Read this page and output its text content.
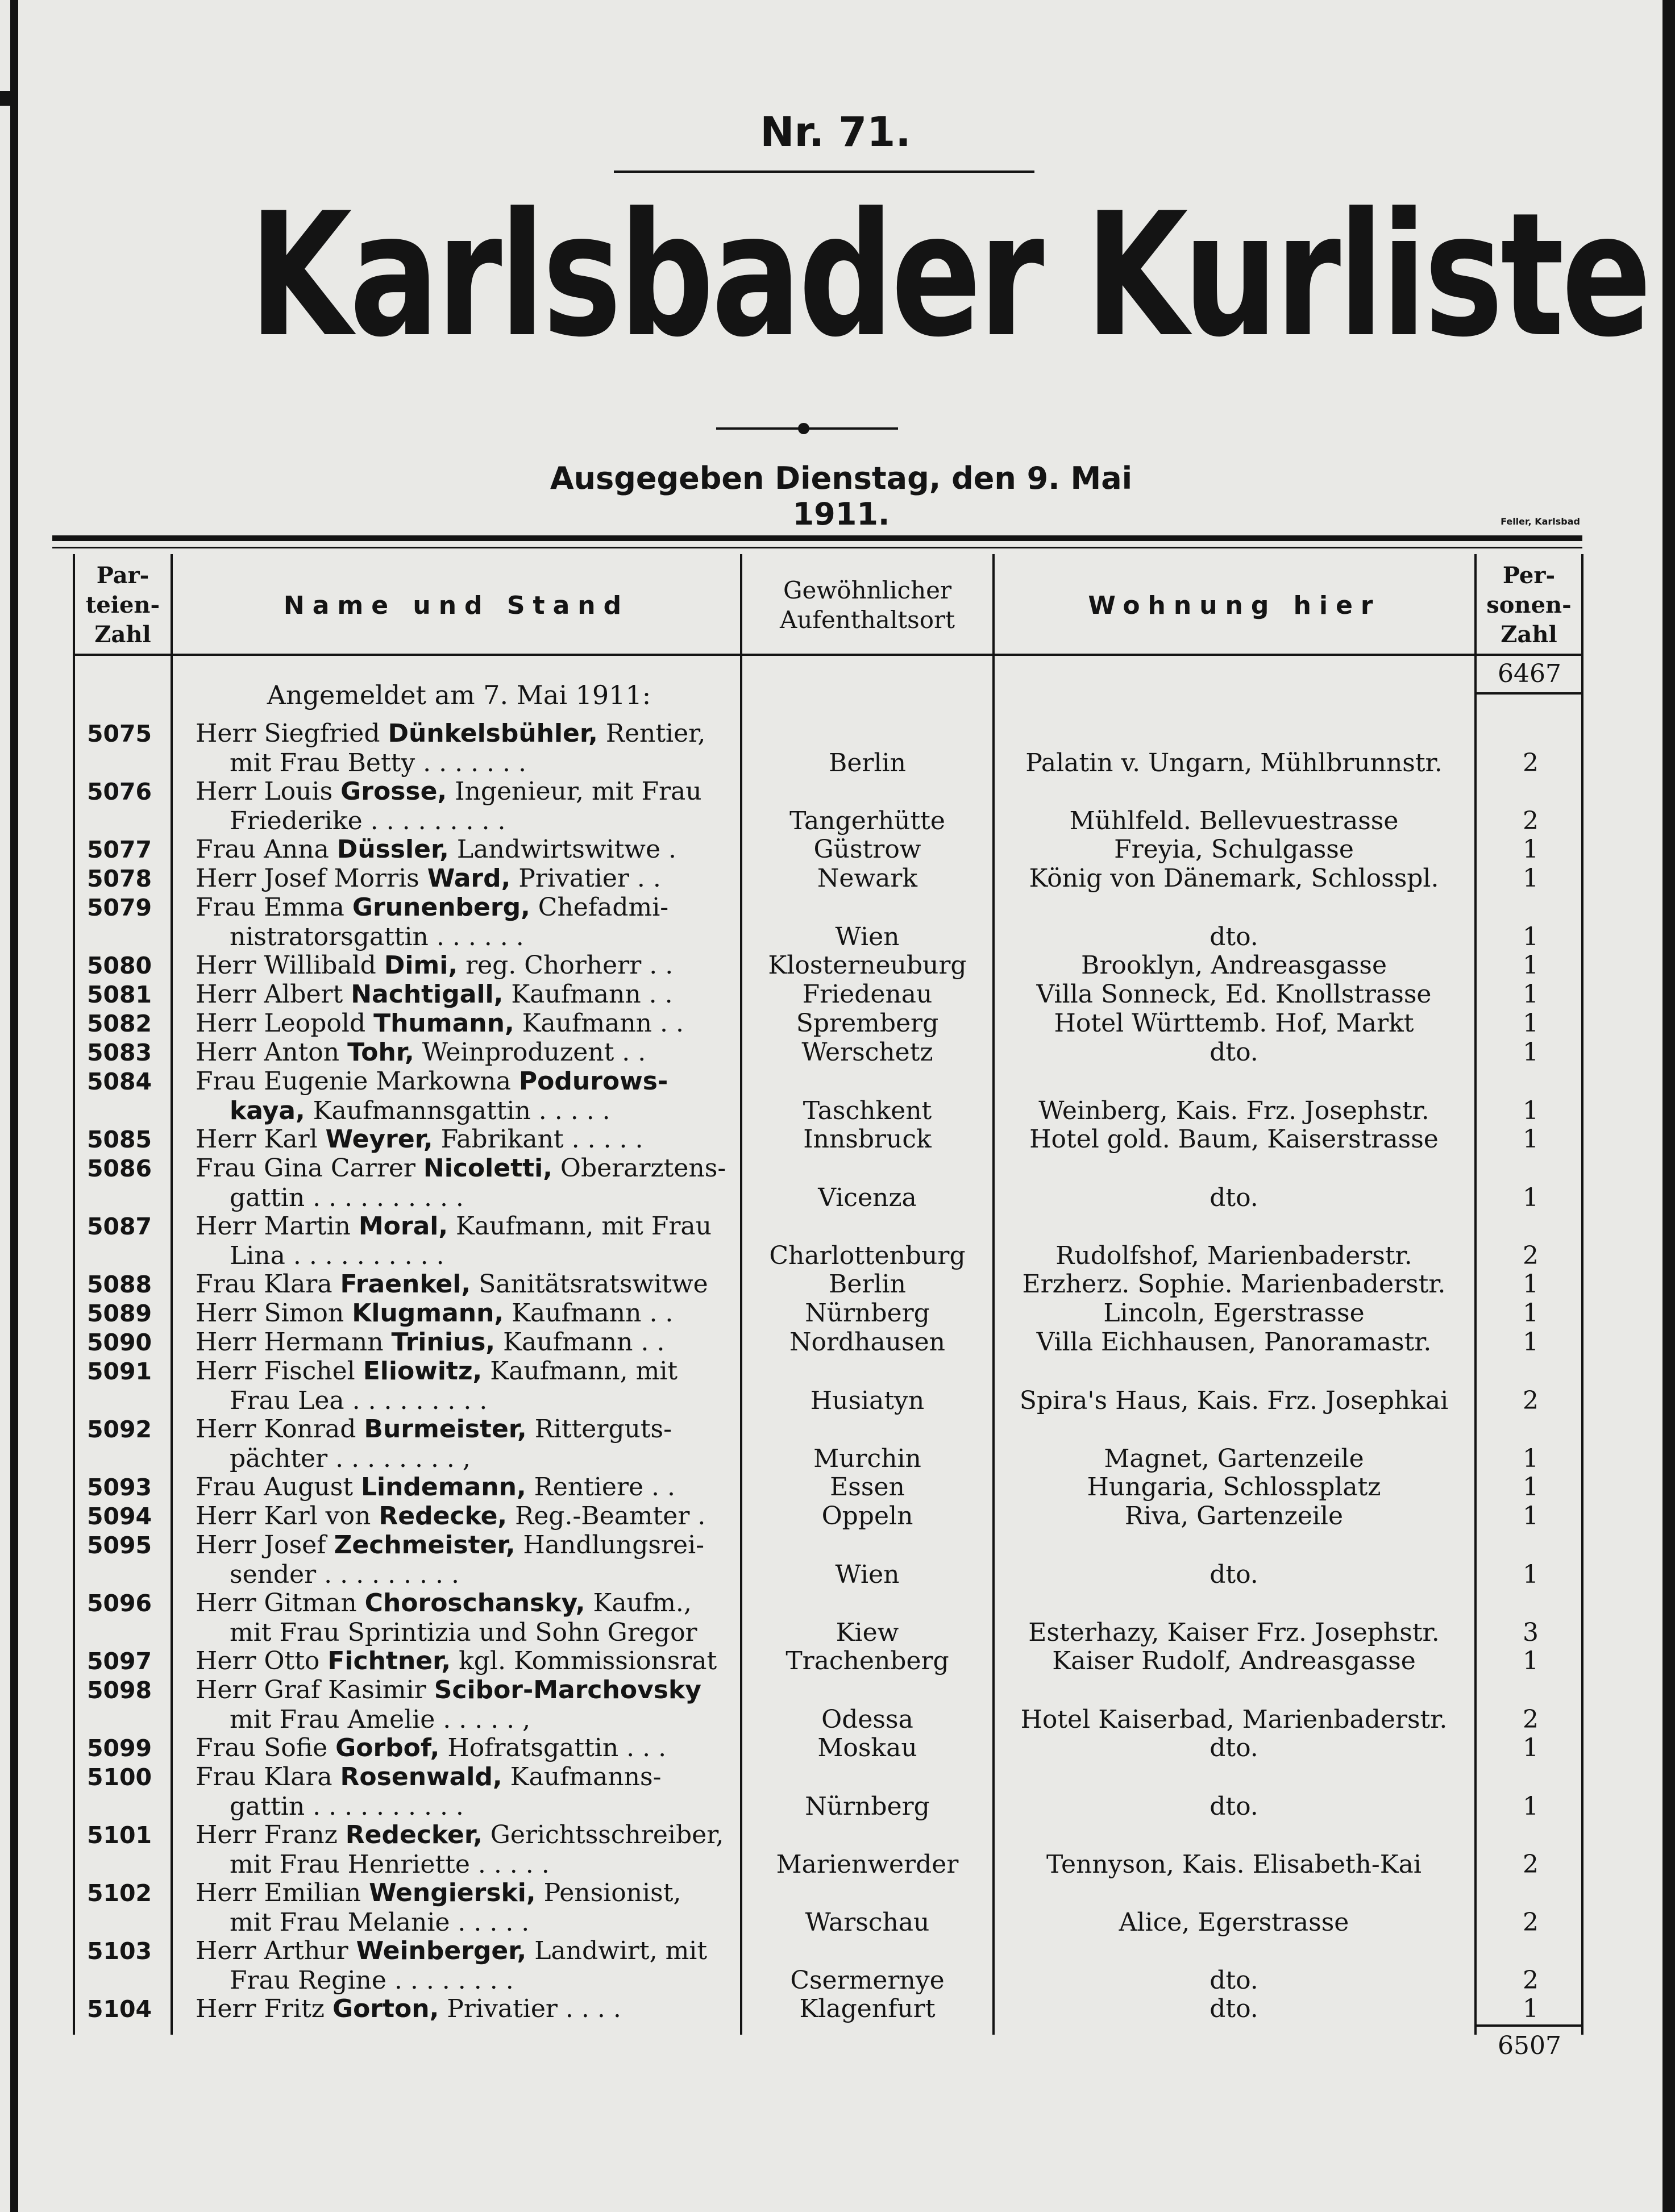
Nr. 71.
Karlsbader Kurliste
Ausgegeben Dienstag, den 9. Mai 1911.	Feller, Karlsbad
Par-
teien-
Zahl
Name und Stand
Gewöhnlicher
Aufenthaltsort	Wohnung hier
Per-
sonen-
Zahl
6467
Angemeldet am 7. Mai 1911:
5075	Herr Siegfried Dünkelsbühler, Rentier,
mit Frau Betty . . . . . . .	Berlin	Palatin v. Ungarn, Mühlbrunnstr.	2
5076	Herr Louis Grosse, Ingenieur, mit Frau
Friederike . . . . . . . . .	Tangerhütte	Mühlfeld. Bellevuestrasse	2
5077	Frau Anna Düssler, Landwirtswitwe .	Güstrow	Freyia, Schulgasse	1
5078	Herr Josef Morris Ward, Privatier . .	Newark	König von Dänemark, Schlosspl.	1
5079	Frau Emma Grunenberg, Chefadmi-
nistratorsgattin . . . . . .	Wien	dto.	1
5080	Herr Willibald Dimi, reg. Chorherr . .	Klosterneuburg	Brooklyn, Andreasgasse	1
5081	Herr Albert Nachtigall, Kaufmann . .	Friedenau	Villa Sonneck, Ed. Knollstrasse	1
5082	Herr Leopold Thumann, Kaufmann . .	Spremberg	Hotel Württemb. Hof, Markt	1
5083	Herr Anton Tohr, Weinproduzent . .	Werschetz	dto.	1
5084	Frau Eugenie Markowna Podurows-
kaya, Kaufmannsgattin . . . . .	Taschkent	Weinberg, Kais. Frz. Josephstr.	1
5085	Herr Karl Weyrer, Fabrikant . . . . .	Innsbruck	Hotel gold. Baum, Kaiserstrasse	1
5086	Frau Gina Carrer Nicoletti, Oberarztens-
gattin . . . . . . . . . .	Vicenza	dto.	1
5087	Herr Martin Moral, Kaufmann, mit Frau
Lina . . . . . . . . . .	Charlottenburg	Rudolfshof, Marienbaderstr.	2
5088	Frau Klara Fraenkel, Sanitätsratswitwe	Berlin	Erzherz. Sophie. Marienbaderstr.	1
5089	Herr Simon Klugmann, Kaufmann . .	Nürnberg	Lincoln, Egerstrasse	1
5090	Herr Hermann Trinius, Kaufmann . .	Nordhausen	Villa Eichhausen, Panoramastr.	1
5091	Herr Fischel Eliowitz, Kaufmann, mit
Frau Lea . . . . . . . . .	Husiatyn	Spira's Haus, Kais. Frz. Josephkai	2
5092	Herr Konrad Burmeister, Ritterguts-
pächter . . . . . . . . ,	Murchin	Magnet, Gartenzeile	1
5093	Frau August Lindemann, Rentiere . .	Essen	Hungaria, Schlossplatz	1
5094	Herr Karl von Redecke, Reg.-Beamter .	Oppeln	Riva, Gartenzeile	1
5095	Herr Josef Zechmeister, Handlungsrei-
sender . . . . . . . . .	Wien	dto.	1
5096	Herr Gitman Choroschansky, Kaufm.,
mit Frau Sprintizia und Sohn Gregor	Kiew	Esterhazy, Kaiser Frz. Josephstr.	3
5097	Herr Otto Fichtner, kgl. Kommissionsrat	Trachenberg	Kaiser Rudolf, Andreasgasse	1
5098	Herr Graf Kasimir Scibor-Marchovsky
mit Frau Amelie . . . . . ,	Odessa	Hotel Kaiserbad, Marienbaderstr.	2
5099	Frau Sofie Gorbof, Hofratsgattin . . .	Moskau	dto.	1
5100	Frau Klara Rosenwald, Kaufmanns-
gattin . . . . . . . . . .	Nürnberg	dto.	1
5101	Herr Franz Redecker, Gerichtsschreiber,
mit Frau Henriette . . . . .	Marienwerder	Tennyson, Kais. Elisabeth-Kai	2
5102	Herr Emilian Wengierski, Pensionist,
mit Frau Melanie . . . . .	Warschau	Alice, Egerstrasse	2
5103	Herr Arthur Weinberger, Landwirt, mit
Frau Regine . . . . . . . .	Csermernye	dto.	2
5104	Herr Fritz Gorton, Privatier . . . .	Klagenfurt	dto.	1
6507
